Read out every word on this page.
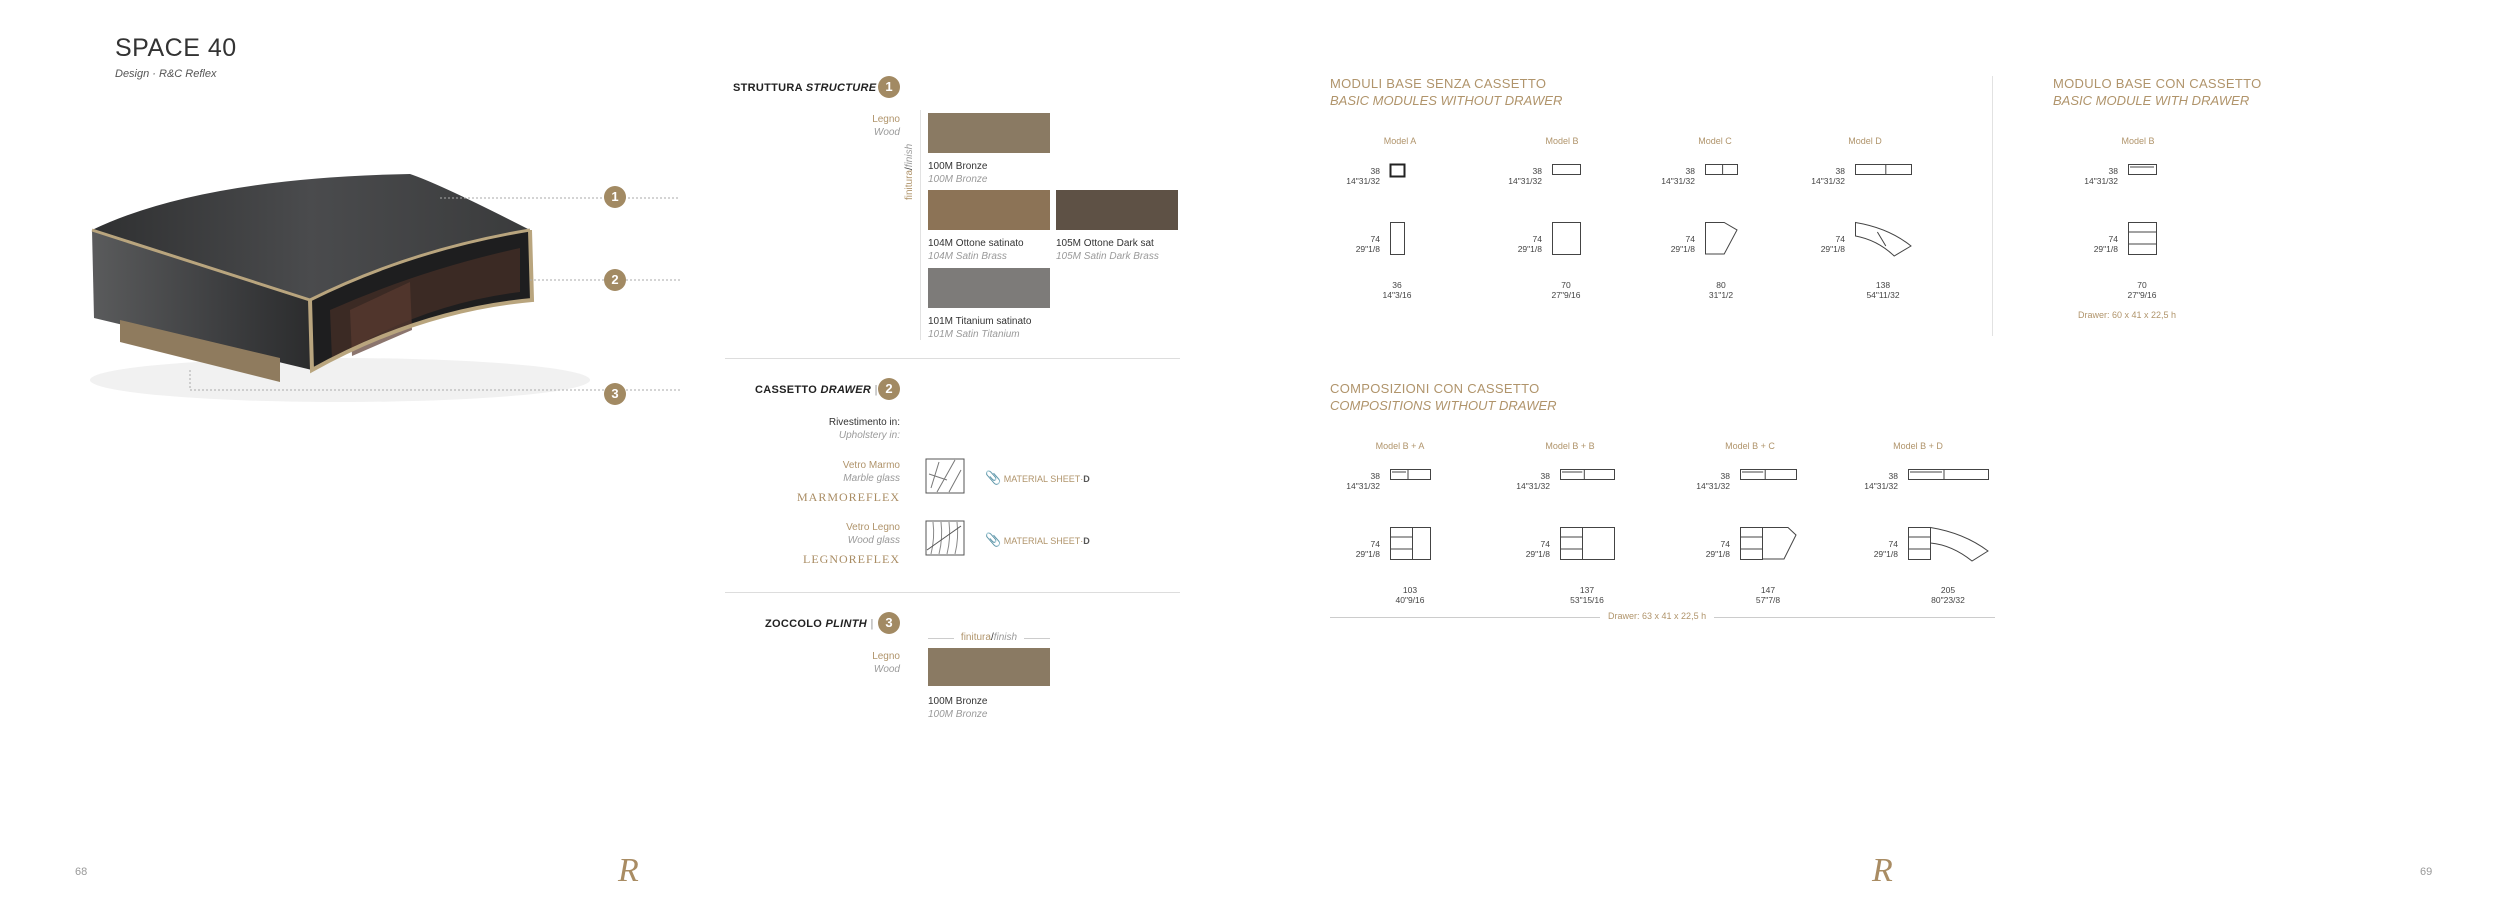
SPACE 40
Design · R&C Reflex
1
2
3
68	R
STRUTTURA STRUCTURE 1
Legno
Wood
finitura/finish	100M Bronze
100M Bronze
104M Ottone satinato
104M Satin Brass
105M Ottone Dark sat
105M Satin Dark Brass
101M Titanium satinato
101M Satin Titanium
CASSETTO DRAWER | 2
Rivestimento in:
Upholstery in:
Vetro Marmo
Marble glass
MARMOREFLEX
📎 MATERIAL SHEET·D
Vetro Legno
Wood glass
LEGNOREFLEX
📎 MATERIAL SHEET·D
ZOCCOLO PLINTH | 3
finitura/finish
Legno
Wood
100M Bronze
100M Bronze
MODULI BASE SENZA CASSETTO
BASIC MODULES WITHOUT DRAWER
MODULO BASE CON CASSETTO
BASIC MODULE WITH DRAWER
COMPOSIZIONI CON CASSETTO
COMPOSITIONS WITHOUT DRAWER
Drawer: 63 x 41 x 22,5 h
69
R
Model A
38
14"31/32
74
29"1/8
36
14"3/16
Model B
38
14"31/32
74
29"1/8
70
27"9/16
Model C
38
14"31/32
74
29"1/8
80
31"1/2
Model D
38
14"31/32
74
29"1/8
138
54"11/32
Model B
38
14"31/32
74
29"1/8
70
27"9/16
Drawer: 60 x 41 x 22,5 h
Model B + A
38
14"31/32
74
29"1/8
103
40"9/16
Model B + B
38
14"31/32
74
29"1/8
137
53"15/16
Model B + C
38
14"31/32
74
29"1/8
147
57"7/8
Model B + D
38
14"31/32
74
29"1/8
205
80"23/32
